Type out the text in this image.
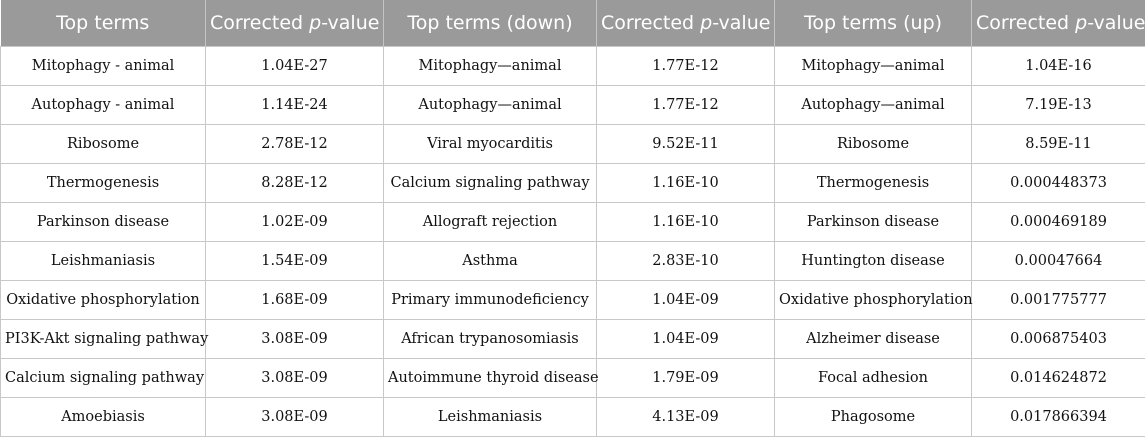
Top terms	Corrected p-value	Top terms (down)	Corrected p-value	Top terms (up)	Corrected p-value
Mitophagy - animal	1.04E-27	Mitophagy—animal	1.77E-12	Mitophagy—animal	1.04E-16
Autophagy - animal	1.14E-24	Autophagy—animal	1.77E-12	Autophagy—animal	7.19E-13
Ribosome	2.78E-12	Viral myocarditis	9.52E-11	Ribosome	8.59E-11
Thermogenesis	8.28E-12	Calcium signaling pathway	1.16E-10	Thermogenesis	0.000448373
Parkinson disease	1.02E-09	Allograft rejection	1.16E-10	Parkinson disease	0.000469189
Leishmaniasis	1.54E-09	Asthma	2.83E-10	Huntington disease	0.00047664
Oxidative phosphorylation	1.68E-09	Primary immunodeficiency	1.04E-09	Oxidative phosphorylation	0.001775777
PI3K-Akt signaling pathway	3.08E-09	African trypanosomiasis	1.04E-09	Alzheimer disease	0.006875403
Calcium signaling pathway	3.08E-09	Autoimmune thyroid disease	1.79E-09	Focal adhesion	0.014624872
Amoebiasis	3.08E-09	Leishmaniasis	4.13E-09	Phagosome	0.017866394
